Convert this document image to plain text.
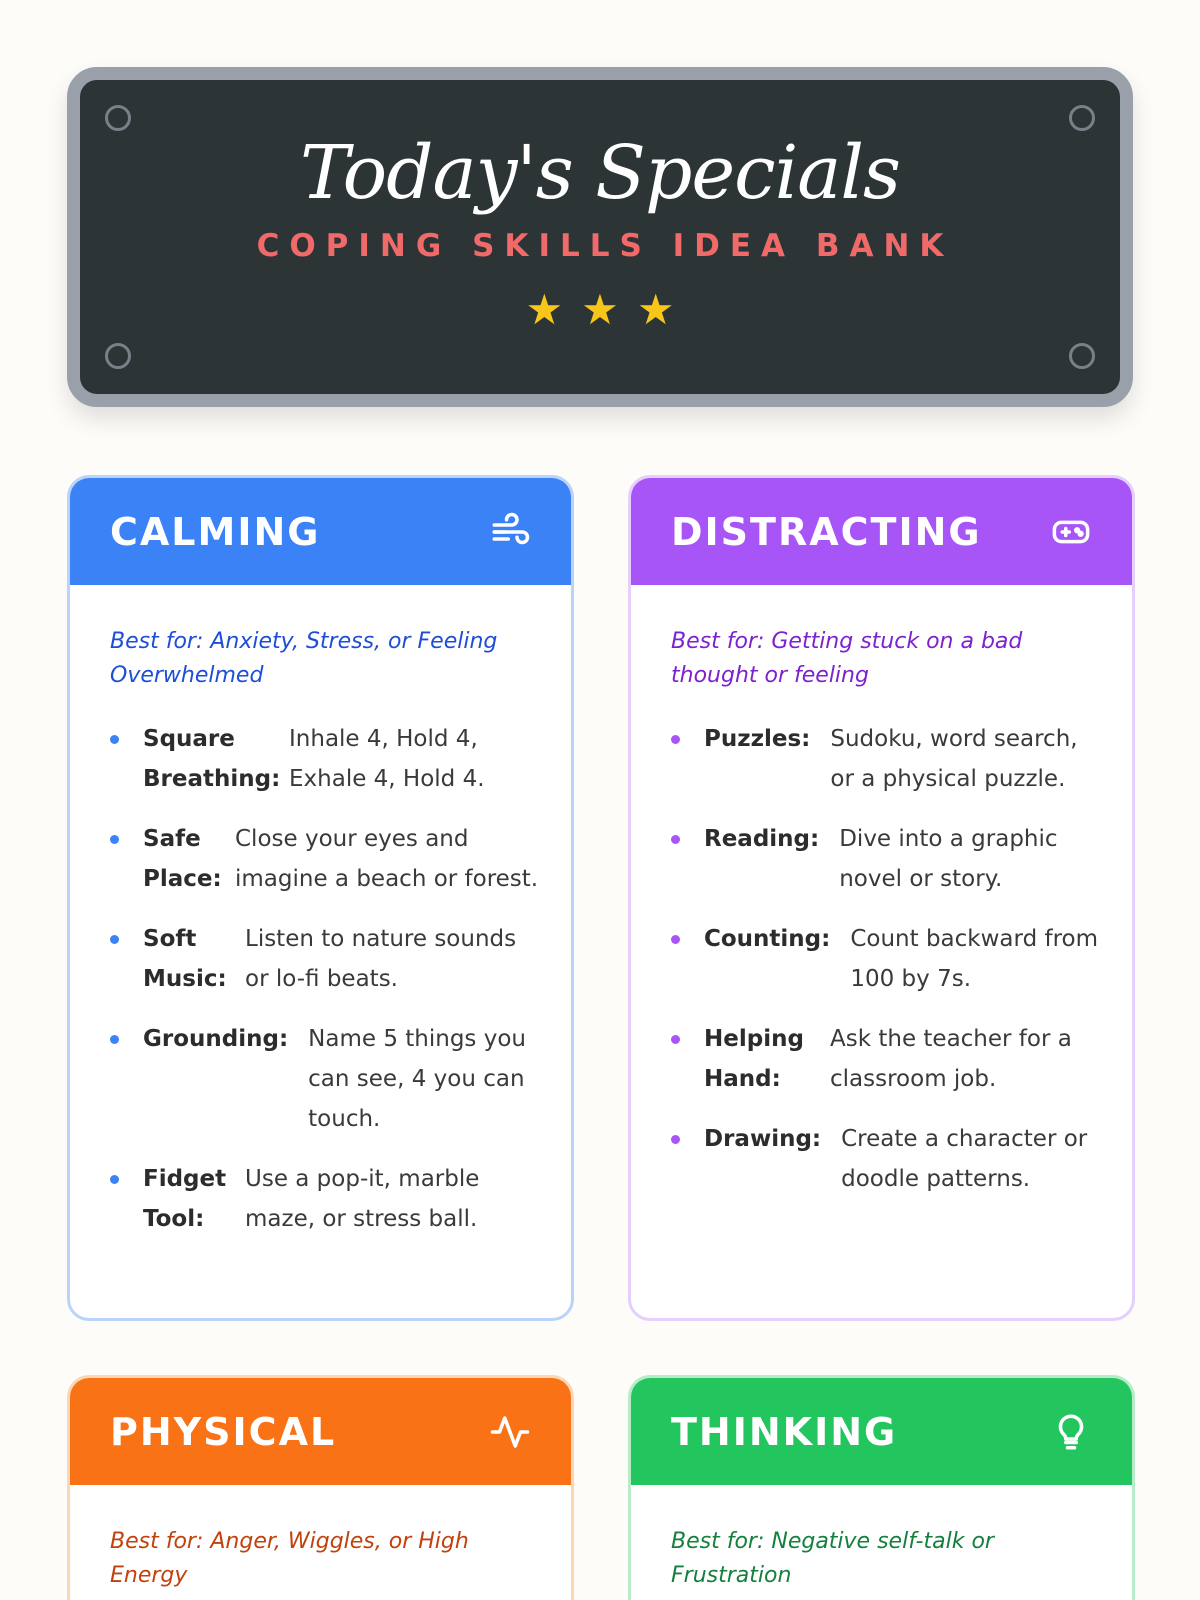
Today's Specials
COPING SKILLS IDEA BANK
★★★
CALMING
Best for: Anxiety, Stress, or Feeling Overwhelmed
Square Breathing:
Inhale 4, Hold 4, Exhale 4, Hold 4.
Safe Place:
Close your eyes and imagine a beach or forest.
Soft Music:
Listen to nature sounds or lo-fi beats.
Grounding: Name 5 things you can see, 4 you can touch.
Fidget Tool:
Use a pop-it, marble maze, or stress ball.
DISTRACTING
Best for: Getting stuck on a bad thought or feeling
Puzzles: Sudoku, word search, or a physical puzzle.
Reading: Dive into a graphic novel or story.
Counting: Count backward from 100 by 7s.
Helping Hand:
Ask the teacher for a classroom job.
Drawing: Create a character or doodle patterns.
PHYSICAL
Best for: Anger, Wiggles, or High Energy
THINKING
Best for: Negative self-talk or Frustration
